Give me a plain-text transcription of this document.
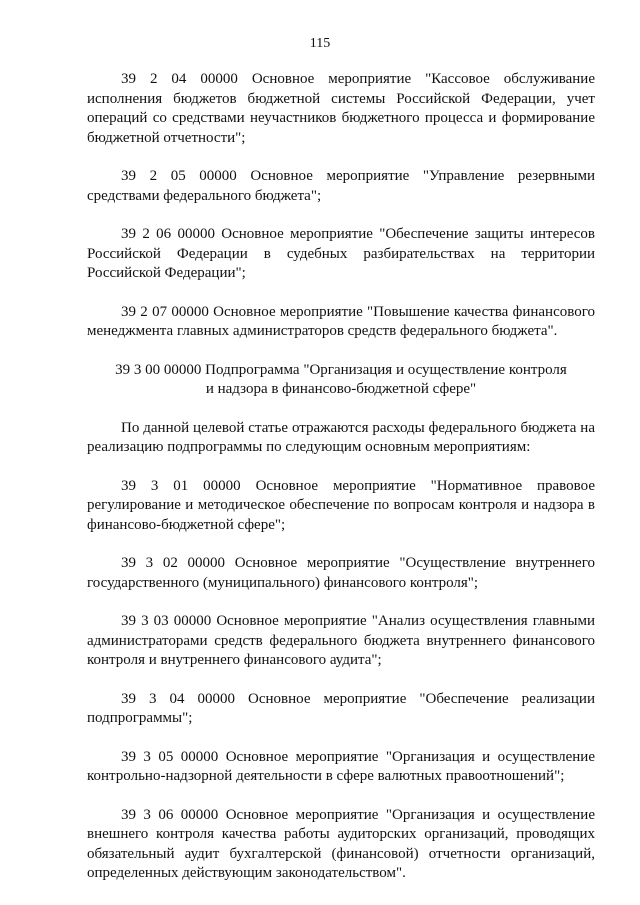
115

39 2 04 00000 Основное мероприятие "Кассовое обслуживание исполнения бюджетов бюджетной системы Российской Федерации, учет операций со средствами неучастников бюджетного процесса и формирование бюджетной отчетности";

39 2 05 00000 Основное мероприятие "Управление резервными средствами федерального бюджета";

39 2 06 00000 Основное мероприятие "Обеспечение защиты интересов Российской Федерации в судебных разбирательствах на территории Российской Федерации";

39 2 07 00000 Основное мероприятие "Повышение качества финансового менеджмента главных администраторов средств федерального бюджета".

39 3 00 00000 Подпрограмма "Организация и осуществление контроля
и надзора в финансово-бюджетной сфере"

По данной целевой статье отражаются расходы федерального бюджета на реализацию подпрограммы по следующим основным мероприятиям:

39 3 01 00000 Основное мероприятие "Нормативное правовое регулирование и методическое обеспечение по вопросам контроля и надзора в финансово-бюджетной сфере";

39 3 02 00000 Основное мероприятие "Осуществление внутреннего государственного (муниципального) финансового контроля";

39 3 03 00000 Основное мероприятие "Анализ осуществления главными администраторами средств федерального бюджета внутреннего финансового контроля и внутреннего финансового аудита";

39 3 04 00000 Основное мероприятие "Обеспечение реализации подпрограммы";

39 3 05 00000 Основное мероприятие "Организация и осуществление контрольно-надзорной деятельности в сфере валютных правоотношений";

39 3 06 00000 Основное мероприятие "Организация и осуществление внешнего контроля качества работы аудиторских организаций, проводящих обязательный аудит бухгалтерской (финансовой) отчетности организаций, определенных действующим законодательством".
